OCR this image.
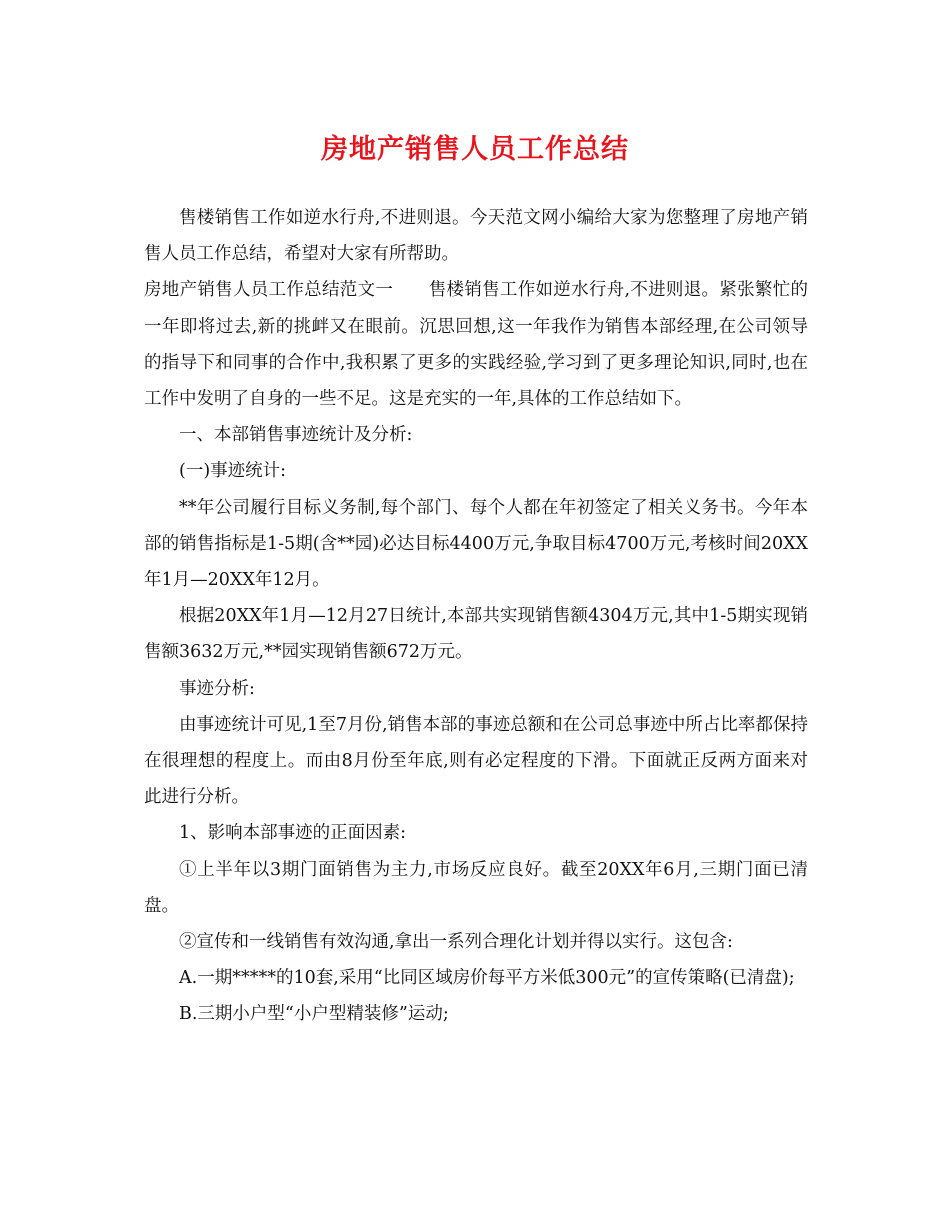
房地产销售人员工作总结

售楼销售工作如逆水行舟,不进则退。今天范文网小编给大家为您整理了房地产销售人员工作总结，希望对大家有所帮助。

房地产销售人员工作总结范文一　　售楼销售工作如逆水行舟,不进则退。紧张繁忙的一年即将过去,新的挑衅又在眼前。沉思回想,这一年我作为销售本部经理,在公司领导的指导下和同事的合作中,我积累了更多的实践经验,学习到了更多理论知识,同时,也在工作中发明了自身的一些不足。这是充实的一年,具体的工作总结如下。

一、本部销售事迹统计及分析:

(一)事迹统计:

**年公司履行目标义务制,每个部门、每个人都在年初签定了相关义务书。今年本部的销售指标是1-5期(含**园)必达目标4400万元,争取目标4700万元,考核时间20XX年1月—20XX年12月。

根据20XX年1月—12月27日统计,本部共实现销售额4304万元,其中1-5期实现销售额3632万元,**园实现销售额672万元。

事迹分析:

由事迹统计可见,1至7月份,销售本部的事迹总额和在公司总事迹中所占比率都保持在很理想的程度上。而由8月份至年底,则有必定程度的下滑。下面就正反两方面来对此进行分析。

1、影响本部事迹的正面因素:

①上半年以3期门面销售为主力,市场反应良好。截至20XX年6月,三期门面已清盘。

②宣传和一线销售有效沟通,拿出一系列合理化计划并得以实行。这包含:

A.一期*****的10套,采用“比同区域房价每平方米低300元”的宣传策略(已清盘);

B.三期小户型“小户型精装修”运动;
